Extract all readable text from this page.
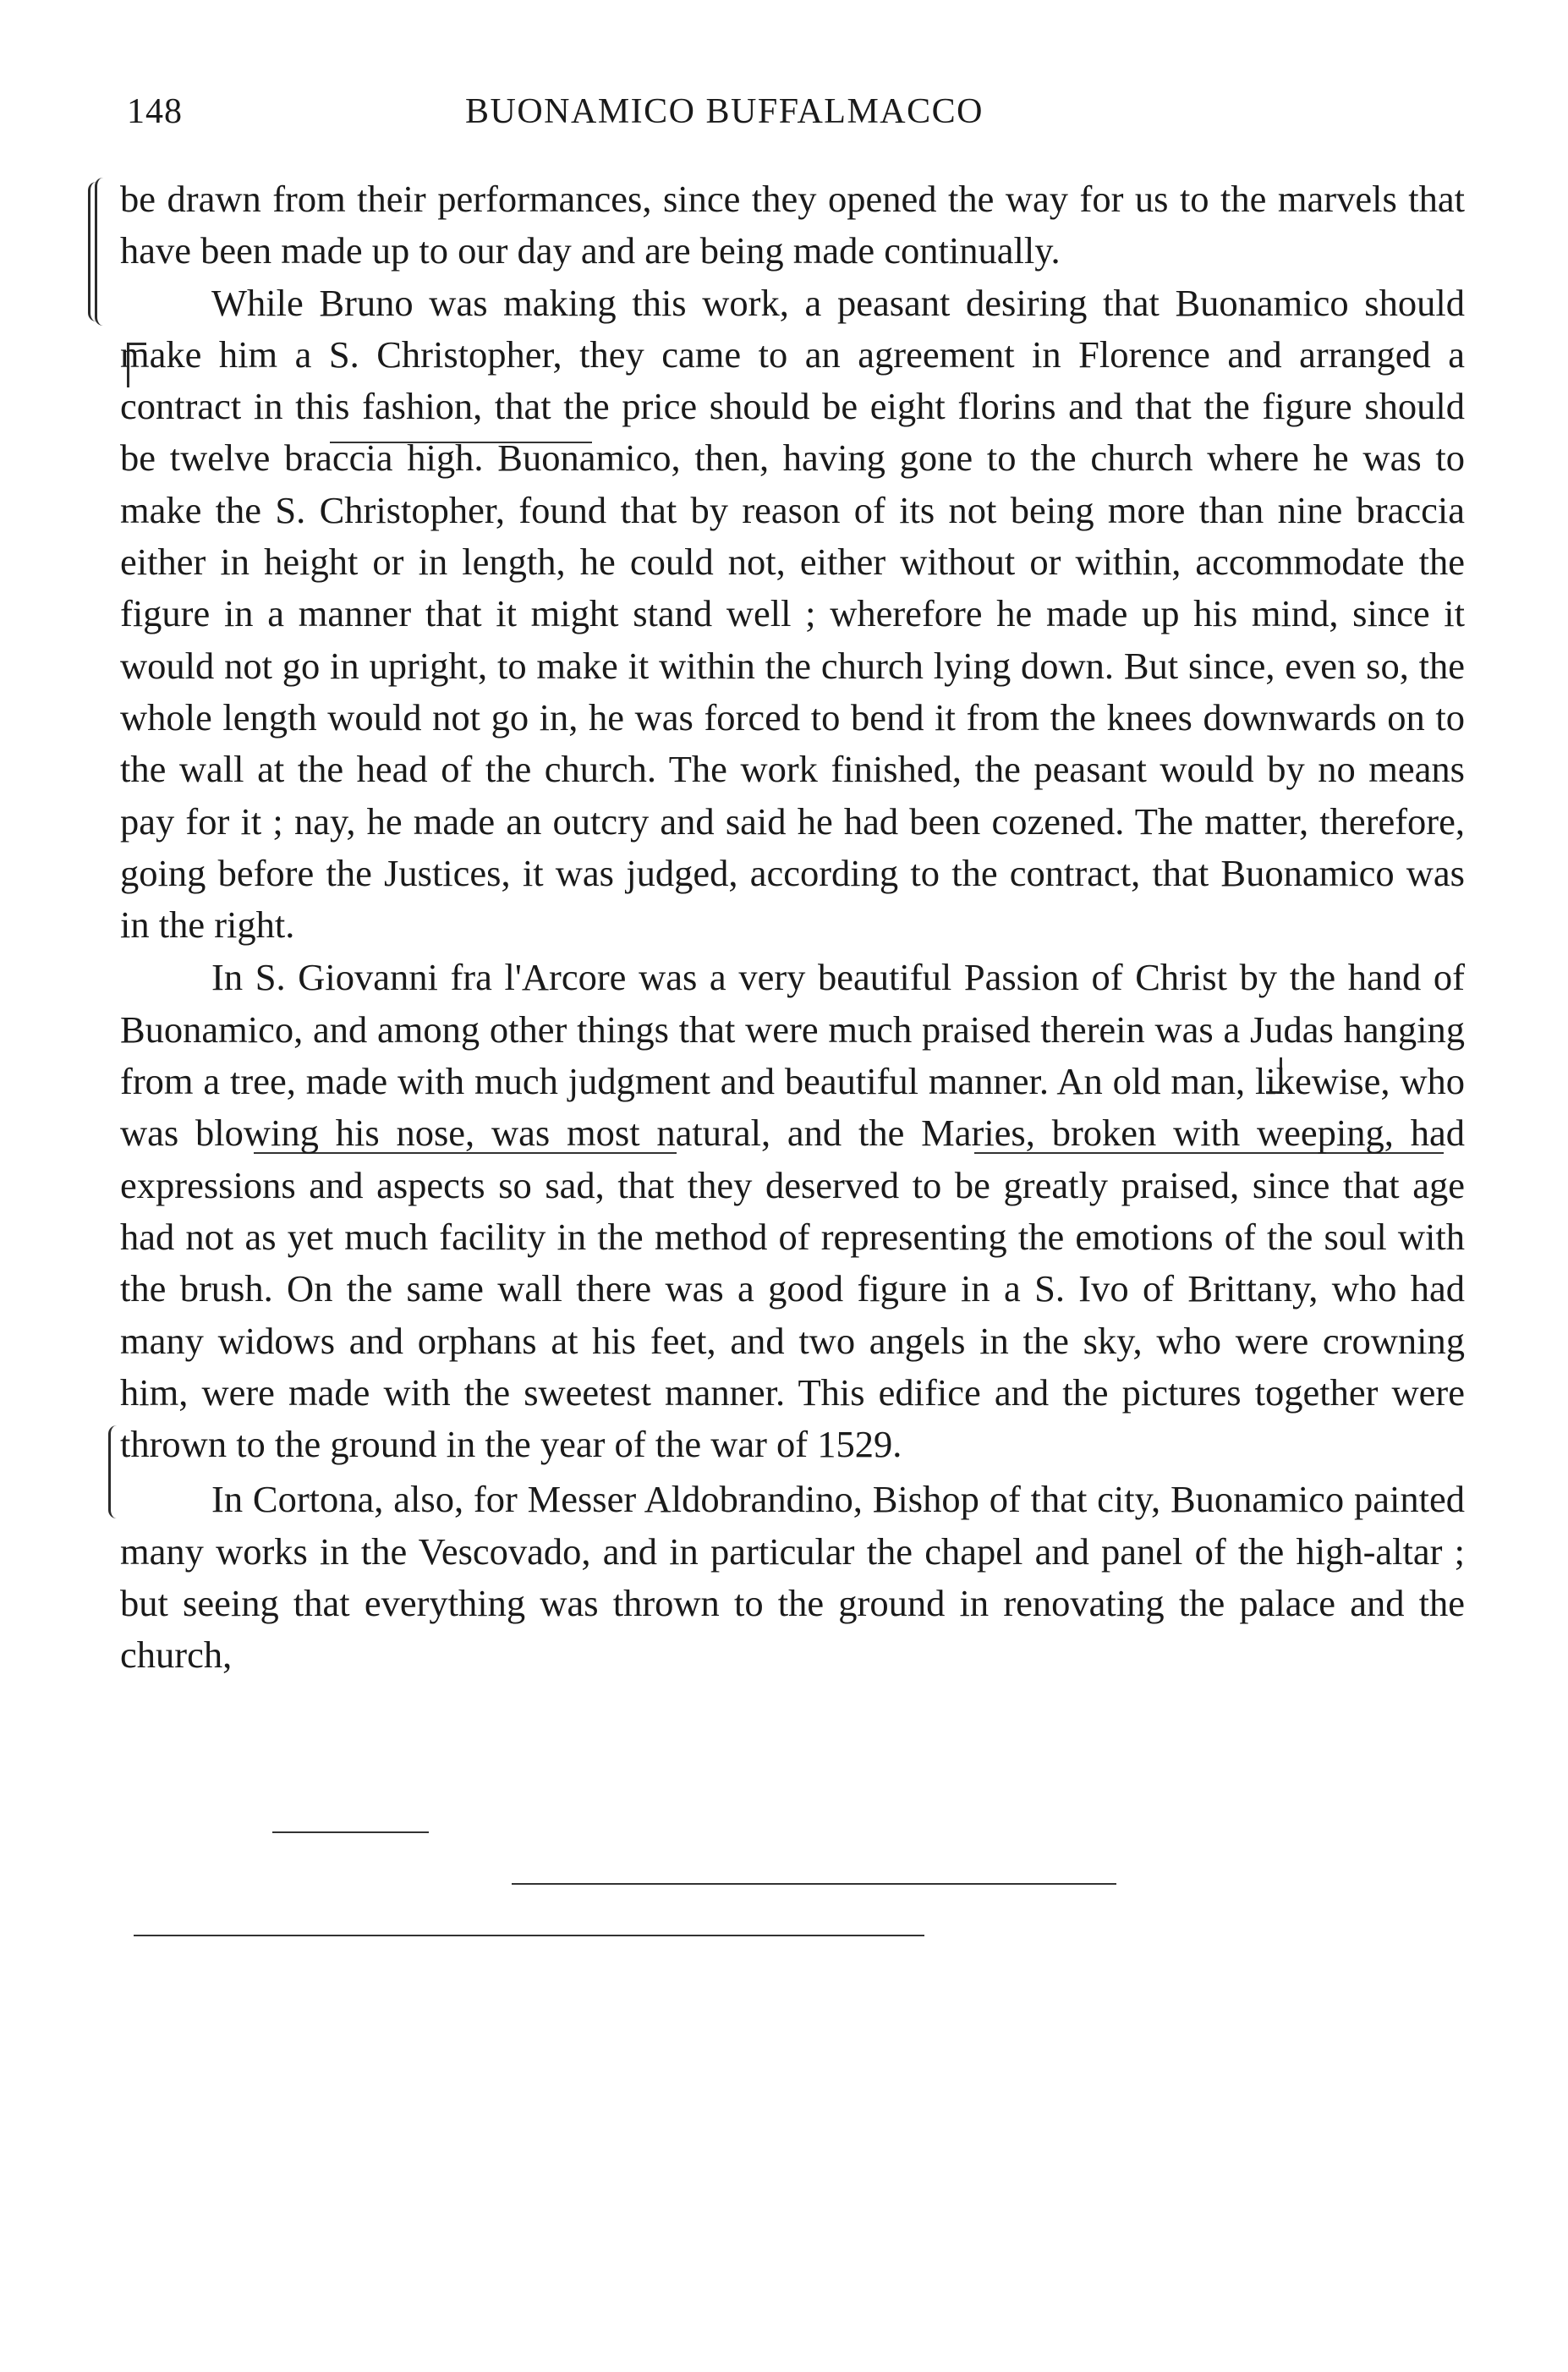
148	BUONAMICO BUFFALMACCO

be drawn from their performances, since they opened the way for us to the marvels that have been made up to our day and are being made continually.

While Bruno was making this work, a peasant desiring that Buonamico should make him a S. Christopher, they came to an agreement in Florence and arranged a contract in this fashion, that the price should be eight florins and that the figure should be twelve braccia high. Buonamico, then, having gone to the church where he was to make the S. Christopher, found that by reason of its not being more than nine braccia either in height or in length, he could not, either without or within, accommodate the figure in a manner that it might stand well ; wherefore he made up his mind, since it would not go in upright, to make it within the church lying down. But since, even so, the whole length would not go in, he was forced to bend it from the knees downwards on to the wall at the head of the church. The work finished, the peasant would by no means pay for it ; nay, he made an outcry and said he had been cozened. The matter, therefore, going before the Justices, it was judged, according to the contract, that Buonamico was in the right.

In S. Giovanni fra l'Arcore was a very beautiful Passion of Christ by the hand of Buonamico, and among other things that were much praised therein was a Judas hanging from a tree, made with much judgment and beautiful manner. An old man, likewise, who was blowing his nose, was most natural, and the Maries, broken with weeping, had expressions and aspects so sad, that they deserved to be greatly praised, since that age had not as yet much facility in the method of representing the emotions of the soul with the brush. On the same wall there was a good figure in a S. Ivo of Brittany, who had many widows and orphans at his feet, and two angels in the sky, who were crowning him, were made with the sweetest manner. This edifice and the pictures together were thrown to the ground in the year of the war of 1529.

In Cortona, also, for Messer Aldobrandino, Bishop of that city, Buonamico painted many works in the Vescovado, and in particular the chapel and panel of the high-altar ; but seeing that everything was thrown to the ground in renovating the palace and the church,
